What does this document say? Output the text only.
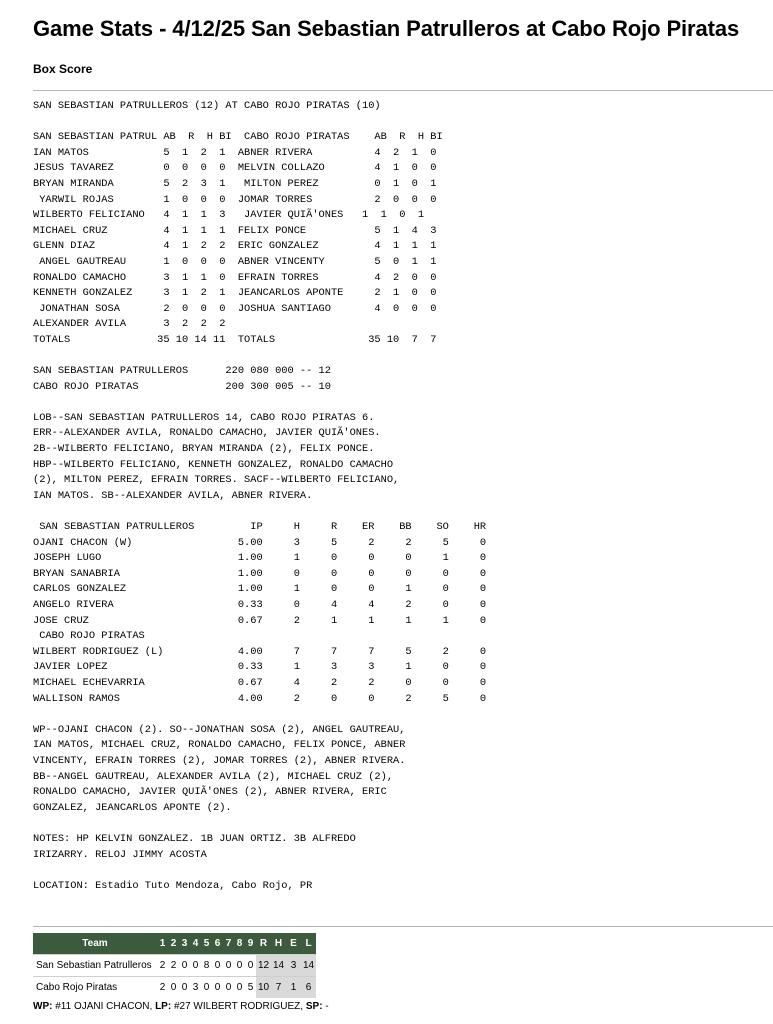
Game Stats - 4/12/25 San Sebastian Patrulleros at Cabo Rojo Piratas
Box Score
SAN SEBASTIAN PATRULLEROS (12) AT CABO ROJO PIRATAS (10)
SAN SEBASTIAN PATRUL AB  R  H BI  CABO ROJO PIRATAS    AB  R  H BI
IAN MATOS            5  1  2  1  ABNER RIVERA          4  2  1  0
JESUS TAVAREZ        0  0  0  0  MELVIN COLLAZO        4  1  0  0
BRYAN MIRANDA        5  2  3  1   MILTON PEREZ         0  1  0  1
YARWIL ROJAS        1  0  0  0  JOMAR TORRES          2  0  0  0
WILBERTO FELICIANO   4  1  1  3   JAVIER QUIÃ'ONES   1  1  0  1
MICHAEL CRUZ         4  1  1  1  FELIX PONCE           5  1  4  3
GLENN DIAZ           4  1  2  2  ERIC GONZALEZ         4  1  1  1
ANGEL GAUTREAU      1  0  0  0  ABNER VINCENTY        5  0  1  1
RONALDO CAMACHO      3  1  1  0  EFRAIN TORRES         4  2  0  0
KENNETH GONZALEZ     3  1  2  1  JEANCARLOS APONTE     2  1  0  0
JONATHAN SOSA       2  0  0  0  JOSHUA SANTIAGO       4  0  0  0
ALEXANDER AVILA      3  2  2  2
TOTALS              35 10 14 11  TOTALS               35 10  7  7
SAN SEBASTIAN PATRULLEROS      220 080 000 -- 12
CABO ROJO PIRATAS              200 300 005 -- 10
LOB--SAN SEBASTIAN PATRULLEROS 14, CABO ROJO PIRATAS 6.
ERR--ALEXANDER AVILA, RONALDO CAMACHO, JAVIER QUIÃ'ONES.
2B--WILBERTO FELICIANO, BRYAN MIRANDA (2), FELIX PONCE.
HBP--WILBERTO FELICIANO, KENNETH GONZALEZ, RONALDO CAMACHO
(2), MILTON PEREZ, EFRAIN TORRES. SACF--WILBERTO FELICIANO,
IAN MATOS. SB--ALEXANDER AVILA, ABNER RIVERA.
SAN SEBASTIAN PATRULLEROS         IP     H     R    ER    BB    SO    HR
OJANI CHACON (W)                 5.00     3     5     2     2     5     0
JOSEPH LUGO                      1.00     1     0     0     0     1     0
BRYAN SANABRIA                   1.00     0     0     0     0     0     0
CARLOS GONZALEZ                  1.00     1     0     0     1     0     0
ANGELO RIVERA                    0.33     0     4     4     2     0     0
JOSE CRUZ                        0.67     2     1     1     1     1     0
CABO ROJO PIRATAS
WILBERT RODRIGUEZ (L)            4.00     7     7     7     5     2     0
JAVIER LOPEZ                     0.33     1     3     3     1     0     0
MICHAEL ECHEVARRIA               0.67     4     2     2     0     0     0
WALLISON RAMOS                   4.00     2     0     0     2     5     0
WP--OJANI CHACON (2). SO--JONATHAN SOSA (2), ANGEL GAUTREAU,
IAN MATOS, MICHAEL CRUZ, RONALDO CAMACHO, FELIX PONCE, ABNER
VINCENTY, EFRAIN TORRES (2), JOMAR TORRES (2), ABNER RIVERA.
BB--ANGEL GAUTREAU, ALEXANDER AVILA (2), MICHAEL CRUZ (2),
RONALDO CAMACHO, JAVIER QUIÃ'ONES (2), ABNER RIVERA, ERIC
GONZALEZ, JEANCARLOS APONTE (2).
NOTES: HP KELVIN GONZALEZ. 1B JUAN ORTIZ. 3B ALFREDO
IRIZARRY. RELOJ JIMMY ACOSTA
LOCATION: Estadio Tuto Mendoza, Cabo Rojo, PR
Team	1	2	3	4	5	6	7	8	9	R	H	E	L
San Sebastian Patrulleros	2	2	0	0	8	0	0	0	0	12	14	3	14
Cabo Rojo Piratas	2	0	0	3	0	0	0	0	5	10	7	1	6
WP: #11 OJANI CHACON, LP: #27 WILBERT RODRIGUEZ, SP: -
